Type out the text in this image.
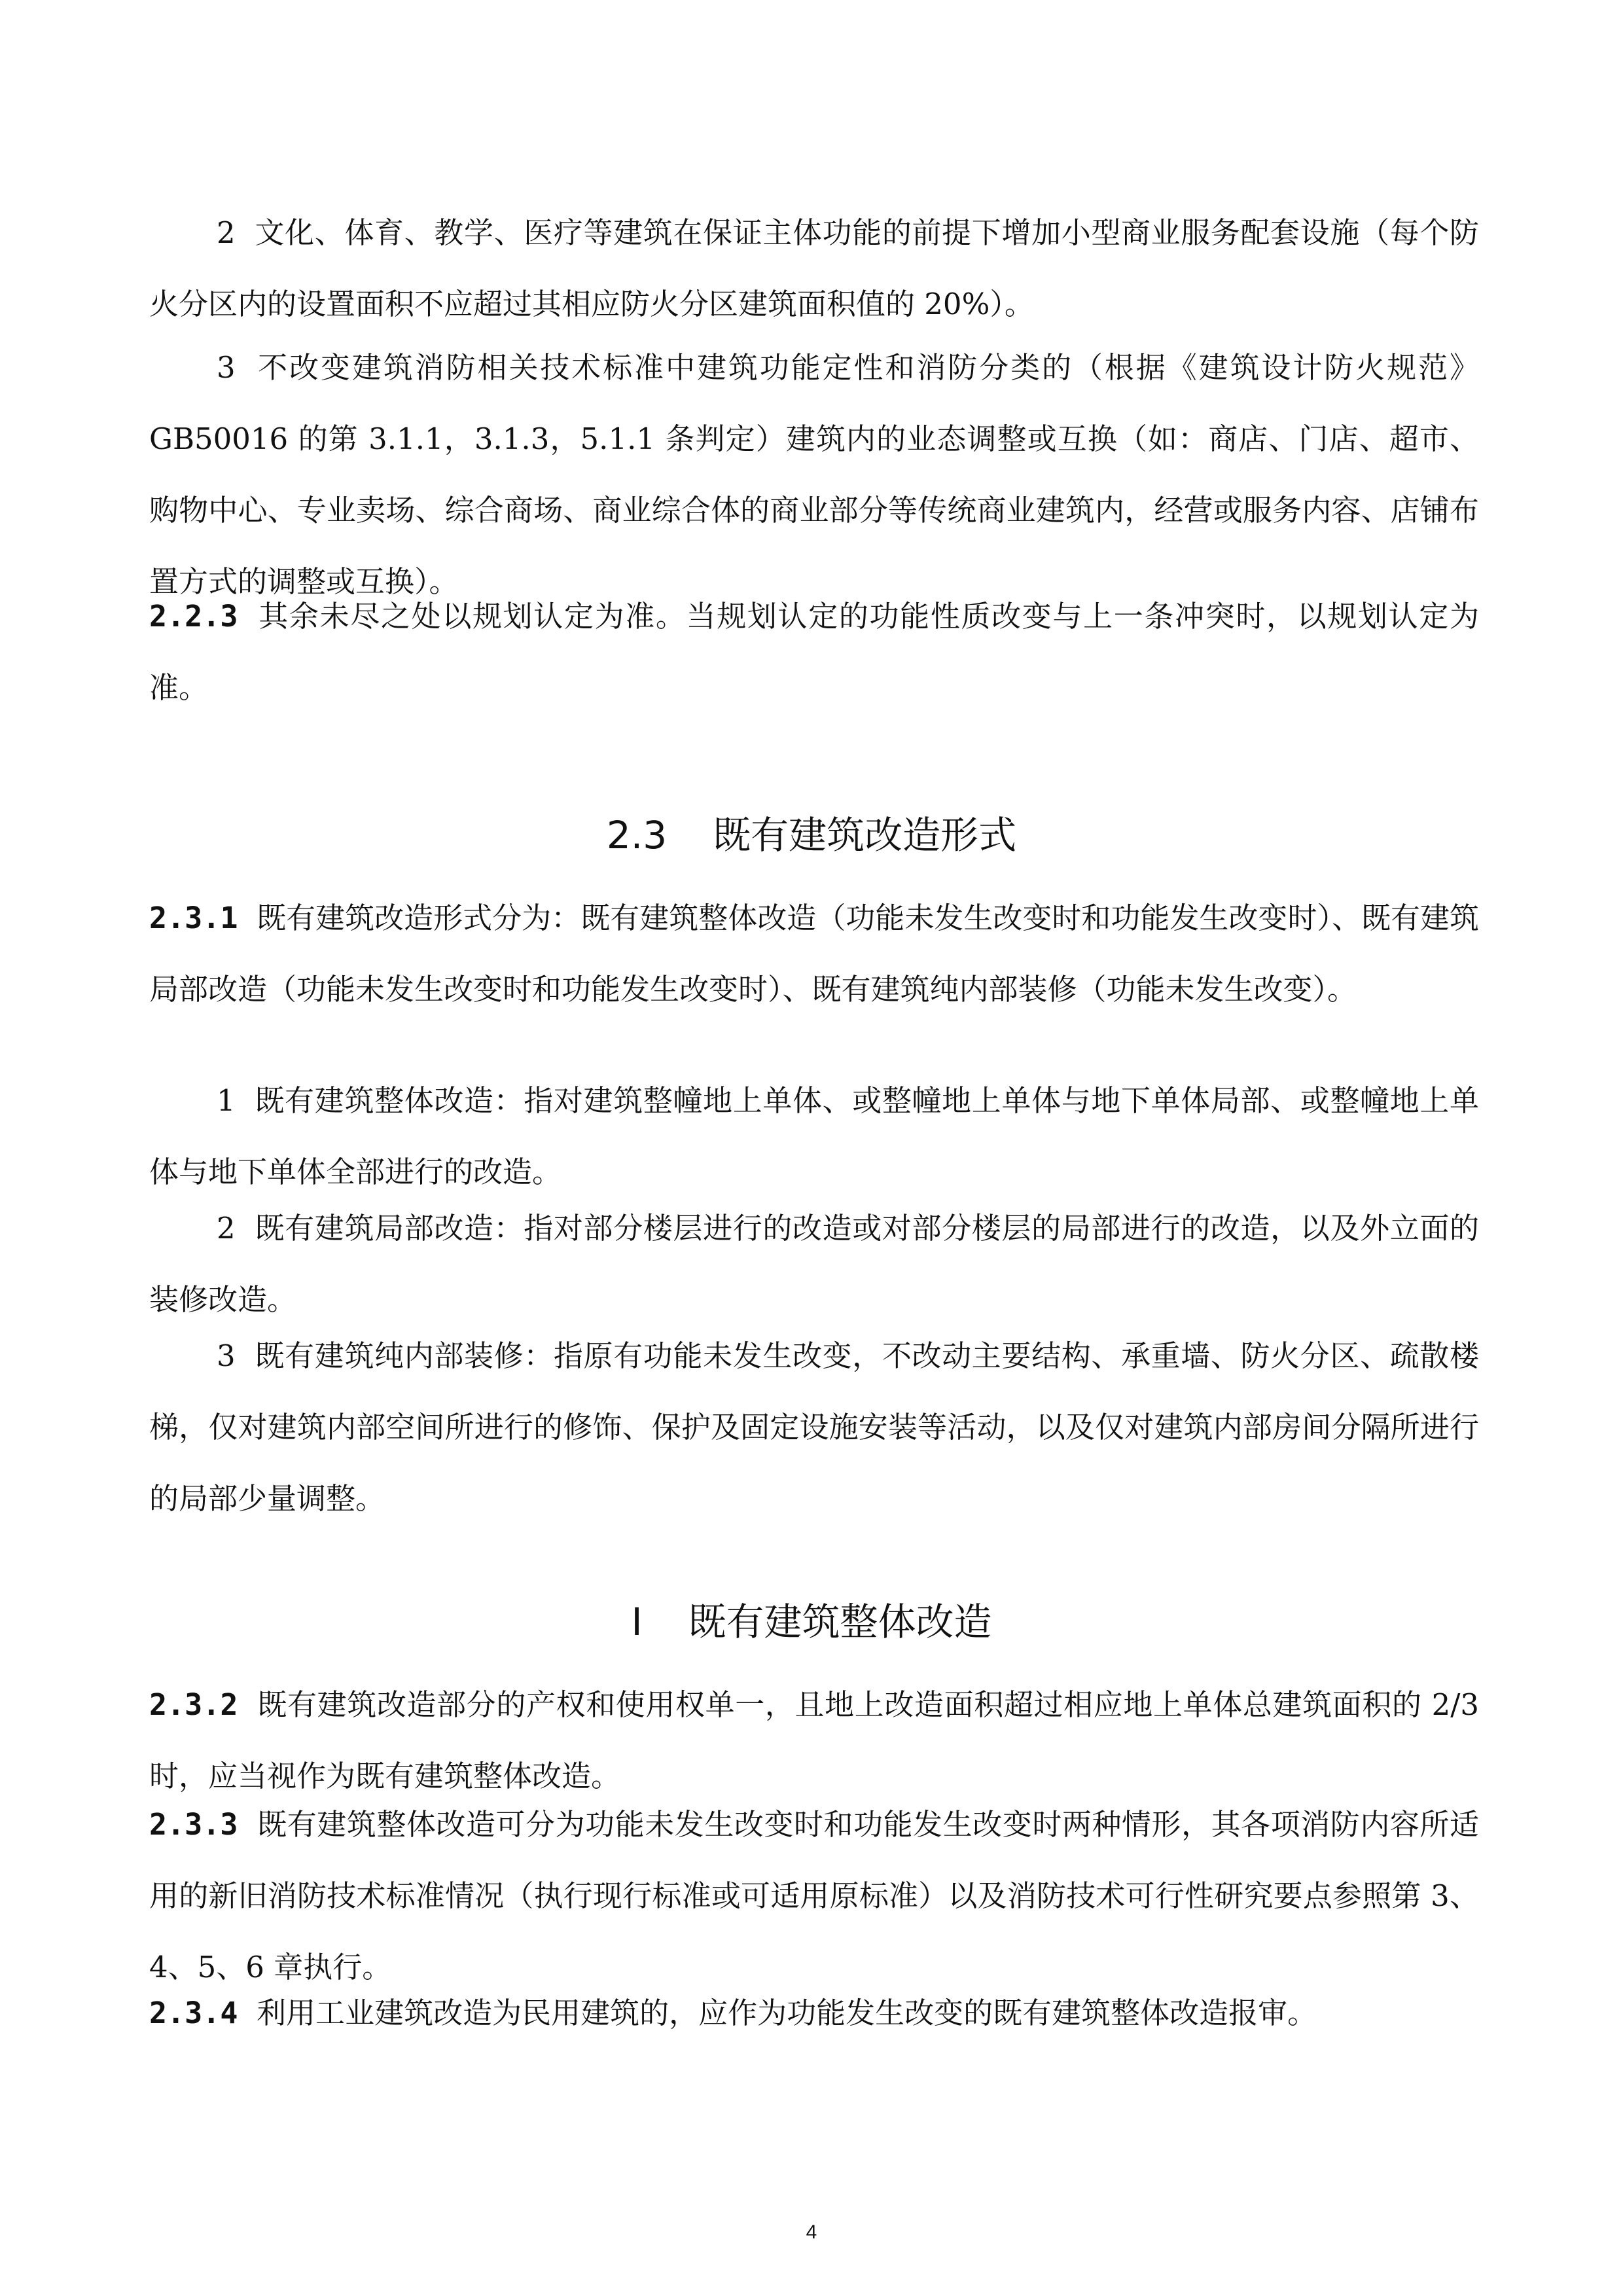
2 文化、体育、教学、医疗等建筑在保证主体功能的前提下增加小型商业服务配套设施（每个防火分区内的设置面积不应超过其相应防火分区建筑面积值的 20%）。

3 不改变建筑消防相关技术标准中建筑功能定性和消防分类的（根据《建筑设计防火规范》GB50016 的第 3.1.1，3.1.3，5.1.1 条判定）建筑内的业态调整或互换（如：商店、门店、超市、购物中心、专业卖场、综合商场、商业综合体的商业部分等传统商业建筑内，经营或服务内容、店铺布置方式的调整或互换）。

2.2.3 其余未尽之处以规划认定为准。当规划认定的功能性质改变与上一条冲突时，以规划认定为准。

2.3 既有建筑改造形式

2.3.1 既有建筑改造形式分为：既有建筑整体改造（功能未发生改变时和功能发生改变时）、既有建筑局部改造（功能未发生改变时和功能发生改变时）、既有建筑纯内部装修（功能未发生改变）。

1 既有建筑整体改造：指对建筑整幢地上单体、或整幢地上单体与地下单体局部、或整幢地上单体与地下单体全部进行的改造。

2 既有建筑局部改造：指对部分楼层进行的改造或对部分楼层的局部进行的改造，以及外立面的装修改造。

3 既有建筑纯内部装修：指原有功能未发生改变，不改动主要结构、承重墙、防火分区、疏散楼梯，仅对建筑内部空间所进行的修饰、保护及固定设施安装等活动，以及仅对建筑内部房间分隔所进行的局部少量调整。

I 既有建筑整体改造

2.3.2 既有建筑改造部分的产权和使用权单一，且地上改造面积超过相应地上单体总建筑面积的 2/3 时，应当视作为既有建筑整体改造。

2.3.3 既有建筑整体改造可分为功能未发生改变时和功能发生改变时两种情形，其各项消防内容所适用的新旧消防技术标准情况（执行现行标准或可适用原标准）以及消防技术可行性研究要点参照第 3、4、5、6 章执行。

2.3.4 利用工业建筑改造为民用建筑的，应作为功能发生改变的既有建筑整体改造报审。

4
